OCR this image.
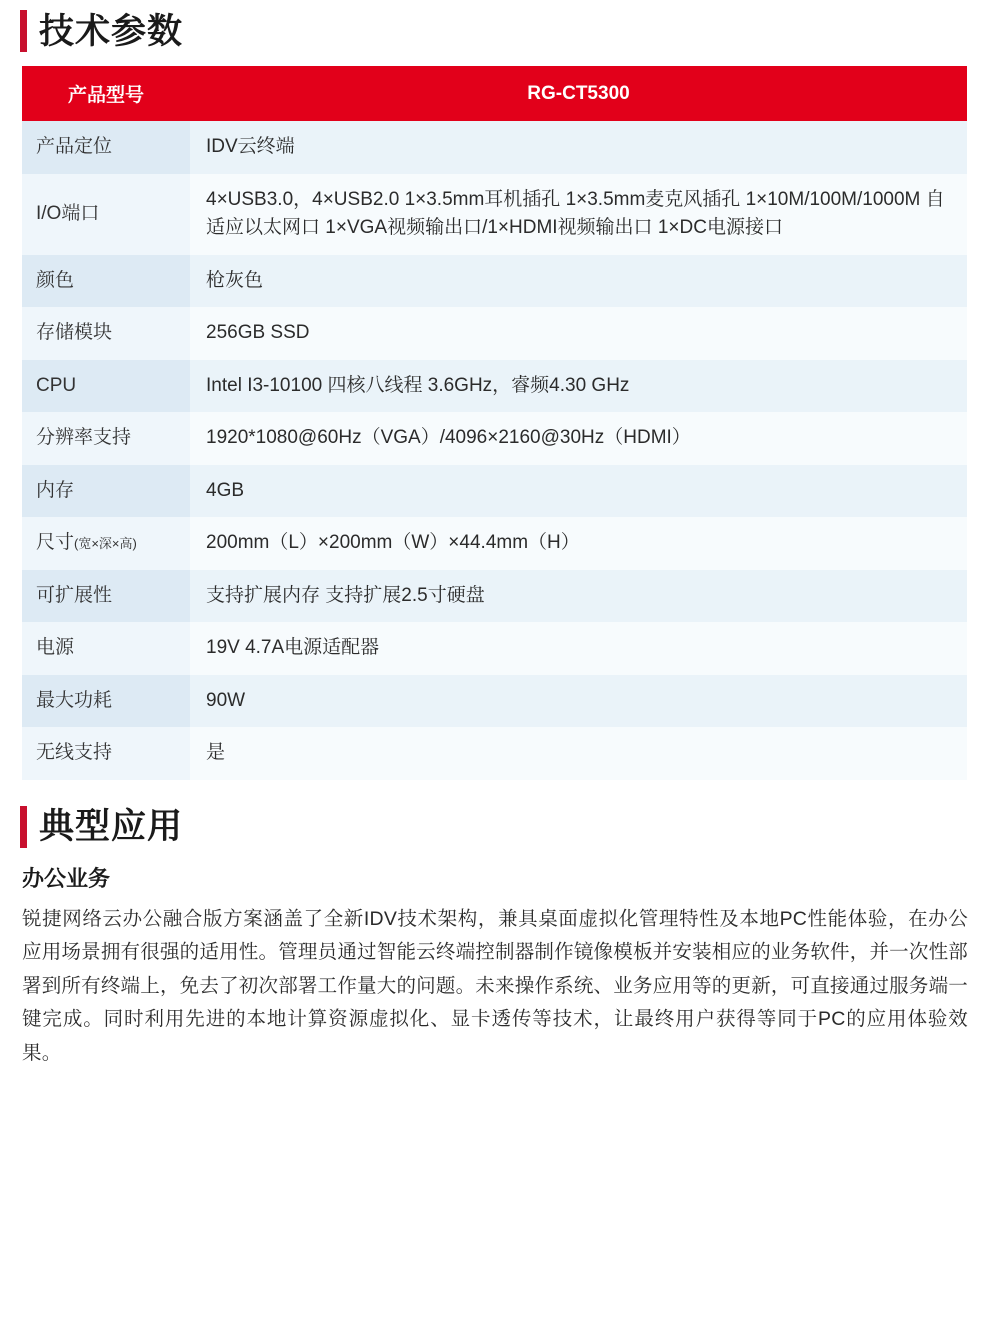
技术参数
产品型号	RG-CT5300
产品定位	IDV云终端
I/O端口	4×USB3.0，4×USB2.0 1×3.5mm耳机插孔 1×3.5mm麦克风插孔 1×10M/100M/1000M 自适应以太网口 1×VGA视频输出口/1×HDMI视频输出口 1×DC电源接口
颜色	枪灰色
存储模块	256GB SSD
CPU	Intel I3-10100 四核八线程 3.6GHz，睿频4.30 GHz
分辨率支持	1920*1080@60Hz（VGA）/4096×2160@30Hz（HDMI）
内存	4GB
尺寸(宽×深×高)	200mm（L）×200mm（W）×44.4mm（H）
可扩展性	支持扩展内存 支持扩展2.5寸硬盘
电源	19V 4.7A电源适配器
最大功耗	90W
无线支持	是
典型应用
办公业务

锐捷网络云办公融合版方案涵盖了全新IDV技术架构，兼具桌面虚拟化管理特性及本地PC性能体验，在办公应用场景拥有很强的适用性。管理员通过智能云终端控制器制作镜像模板并安装相应的业务软件，并一次性部署到所有终端上，免去了初次部署工作量大的问题。未来操作系统、业务应用等的更新，可直接通过服务端一键完成。同时利用先进的本地计算资源虚拟化、显卡透传等技术，让最终用户获得等同于PC的应用体验效果。
